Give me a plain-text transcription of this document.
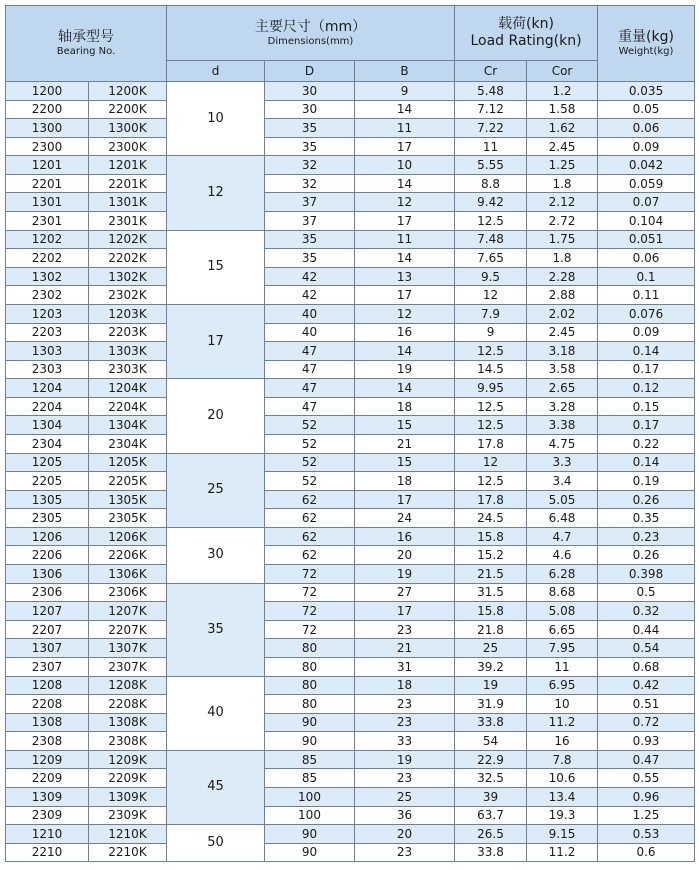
轴承型号
Bearing No.		主要尺寸（mm）
Dimensions(mm)			载荷(kn)
Load Rating(kn)		重量(kg)
Weight(kg)

		d	D	B	Cr	Cor	
1200	1200K	10	30	9	5.48	1.2	0.035
2200	2200K		30	14	7.12	1.58	0.05
1300	1300K		35	11	7.22	1.62	0.06
2300	2300K		35	17	11	2.45	0.09
1201	1201K	12	32	10	5.55	1.25	0.042
2201	2201K		32	14	8.8	1.8	0.059
1301	1301K		37	12	9.42	2.12	0.07
2301	2301K		37	17	12.5	2.72	0.104
1202	1202K	15	35	11	7.48	1.75	0.051
2202	2202K		35	14	7.65	1.8	0.06
1302	1302K		42	13	9.5	2.28	0.1
2302	2302K		42	17	12	2.88	0.11
1203	1203K	17	40	12	7.9	2.02	0.076
2203	2203K		40	16	9	2.45	0.09
1303	1303K		47	14	12.5	3.18	0.14
2303	2303K		47	19	14.5	3.58	0.17
1204	1204K	20	47	14	9.95	2.65	0.12
2204	2204K		47	18	12.5	3.28	0.15
1304	1304K		52	15	12.5	3.38	0.17
2304	2304K		52	21	17.8	4.75	0.22
1205	1205K	25	52	15	12	3.3	0.14
2205	2205K		52	18	12.5	3.4	0.19
1305	1305K		62	17	17.8	5.05	0.26
2305	2305K		62	24	24.5	6.48	0.35
1206	1206K	30	62	16	15.8	4.7	0.23
2206	2206K		62	20	15.2	4.6	0.26
1306	1306K		72	19	21.5	6.28	0.398
2306	2306K	35	72	27	31.5	8.68	0.5
1207	1207K		72	17	15.8	5.08	0.32
2207	2207K		72	23	21.8	6.65	0.44
1307	1307K		80	21	25	7.95	0.54
2307	2307K		80	31	39.2	11	0.68
1208	1208K	40	80	18	19	6.95	0.42
2208	2208K		80	23	31.9	10	0.51
1308	1308K		90	23	33.8	11.2	0.72
2308	2308K		90	33	54	16	0.93
1209	1209K	45	85	19	22.9	7.8	0.47
2209	2209K		85	23	32.5	10.6	0.55
1309	1309K		100	25	39	13.4	0.96
2309	2309K		100	36	63.7	19.3	1.25
1210	1210K	50	90	20	26.5	9.15	0.53
2210	2210K		90	23	33.8	11.2	0.6
